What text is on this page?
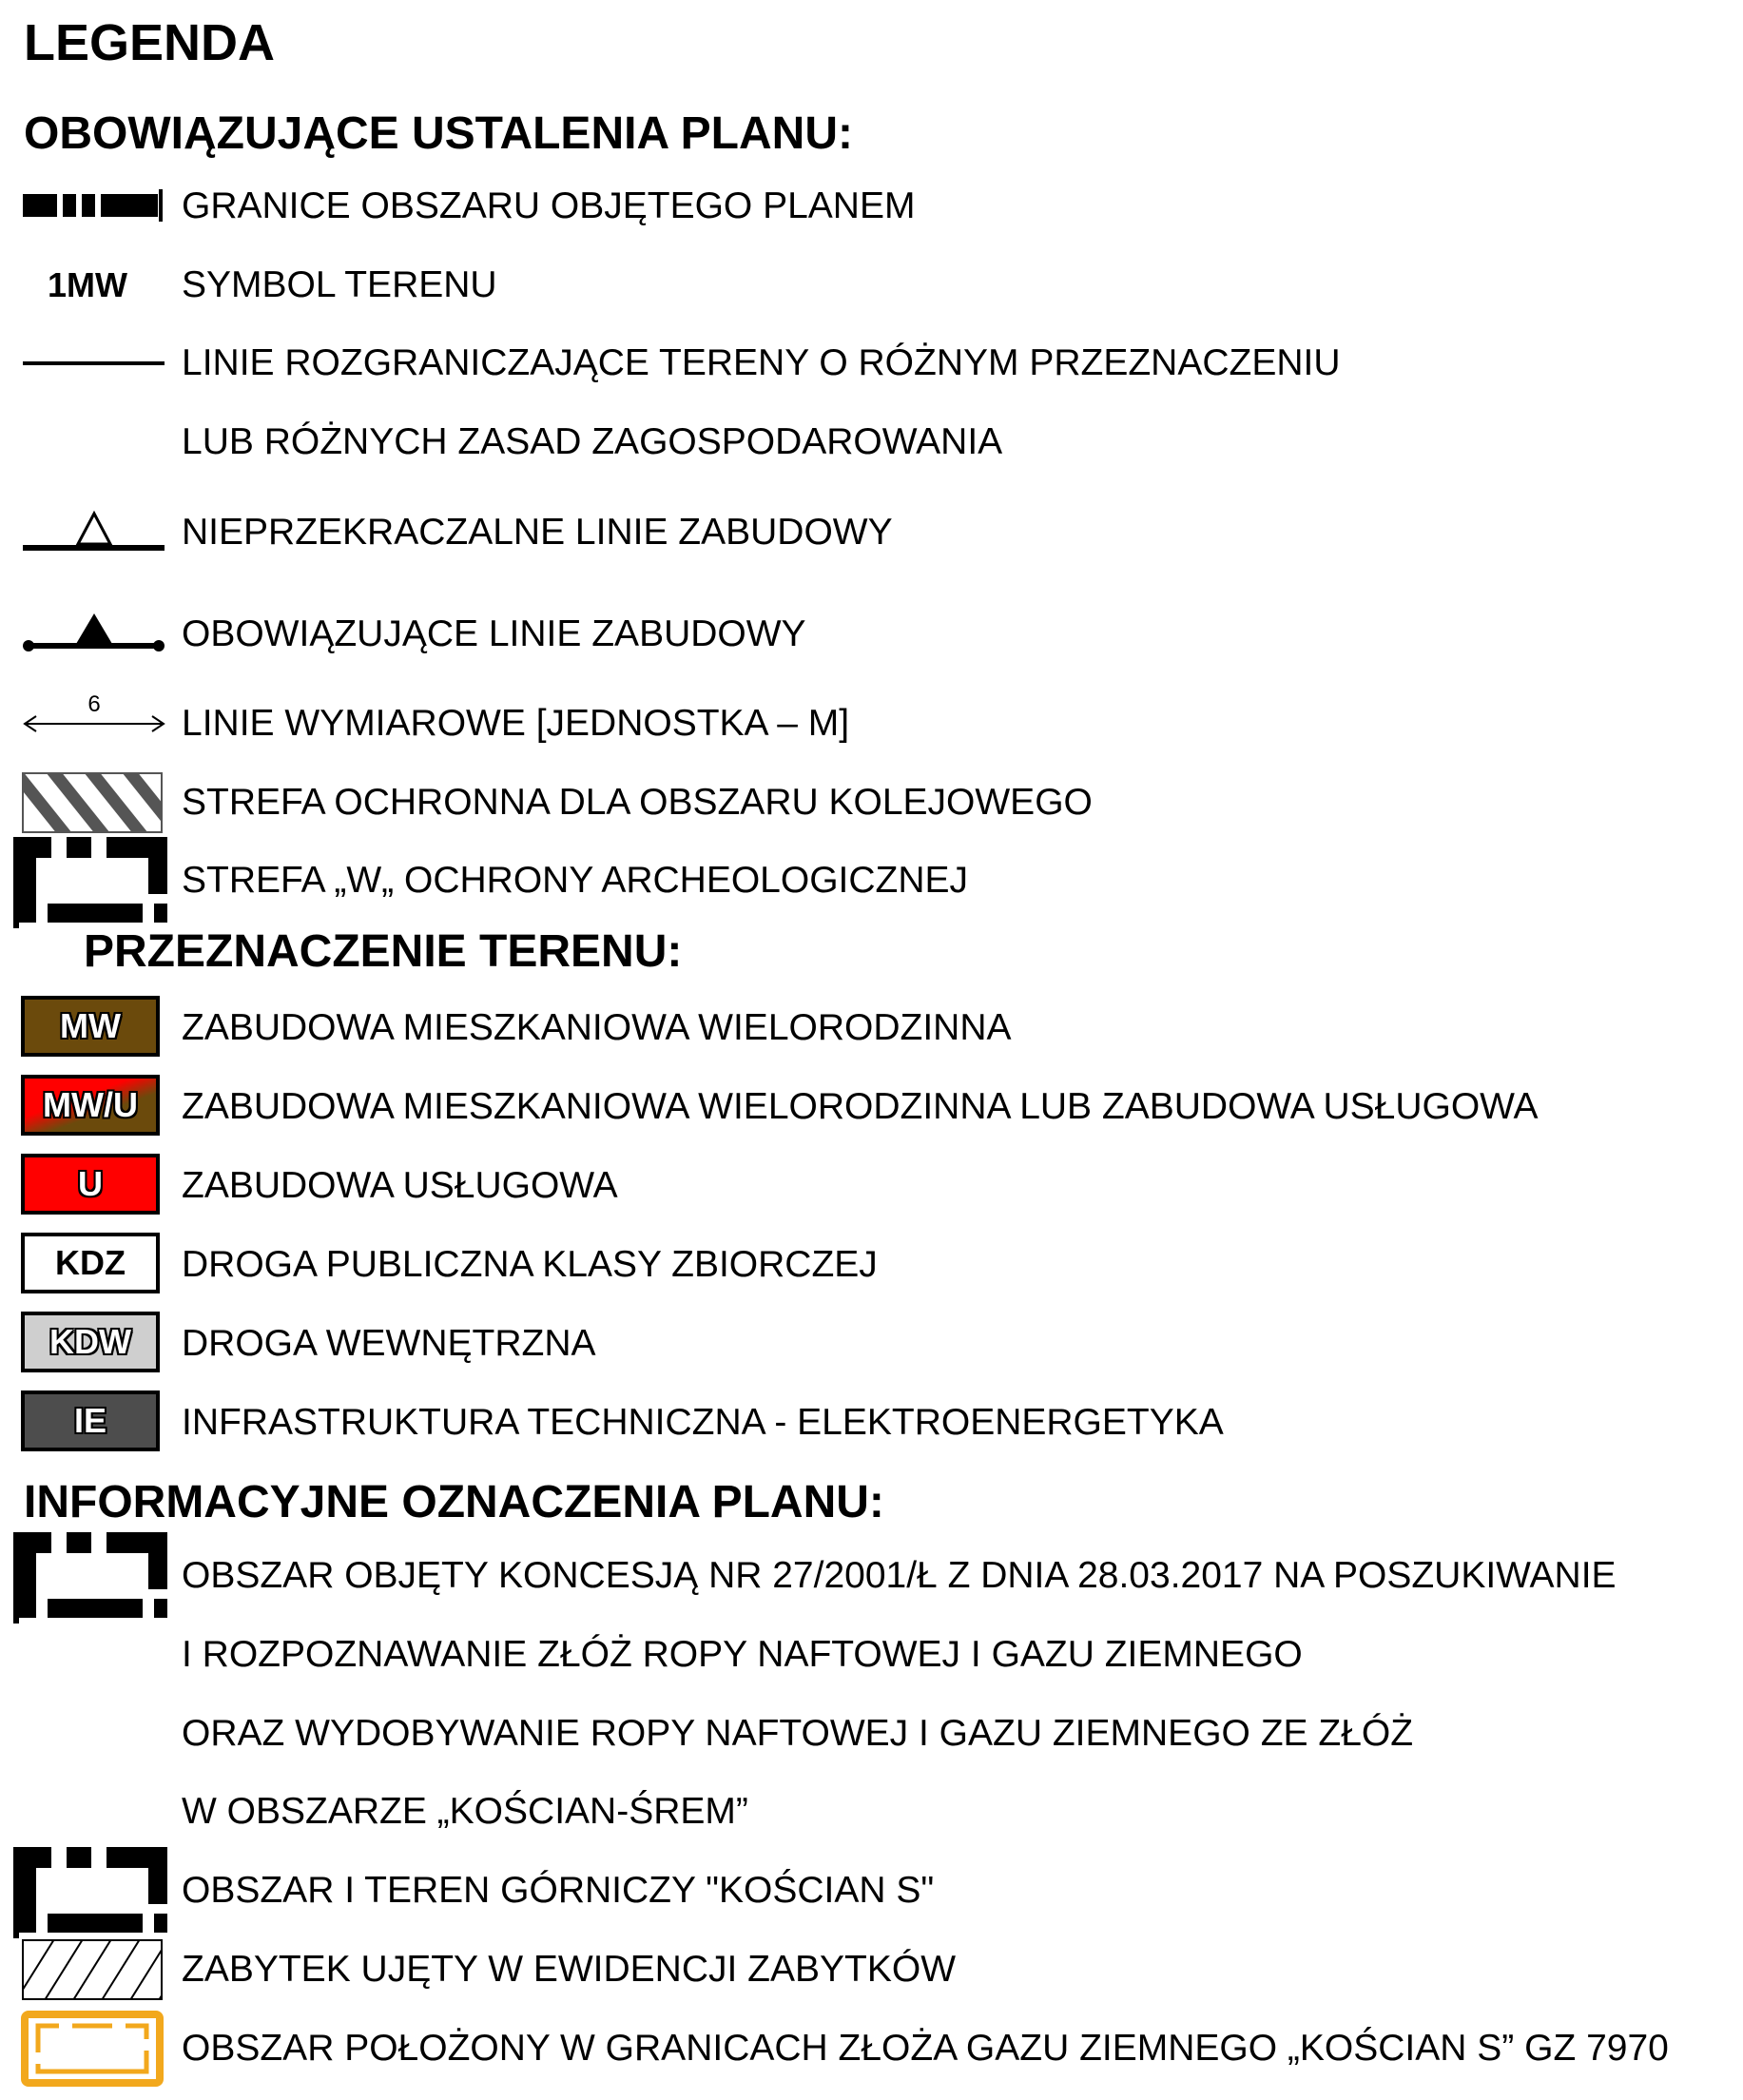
LEGENDA
OBOWIĄZUJĄCE USTALENIA PLANU:
GRANICE OBSZARU OBJĘTEGO PLANEM
1MW SYMBOL TERENU
LINIE ROZGRANICZAJĄCE TERENY O RÓŻNYM PRZEZNACZENIU
LUB RÓŻNYCH ZASAD ZAGOSPODAROWANIA
NIEPRZEKRACZALNE LINIE ZABUDOWY
OBOWIĄZUJĄCE LINIE ZABUDOWY
6 LINIE WYMIAROWE [JEDNOSTKA – M]
STREFA OCHRONNA DLA OBSZARU KOLEJOWEGO
STREFA „W„ OCHRONY ARCHEOLOGICZNEJ
PRZEZNACZENIE TERENU:
MW ZABUDOWA MIESZKANIOWA WIELORODZINNA
MW/U ZABUDOWA MIESZKANIOWA WIELORODZINNA LUB ZABUDOWA USŁUGOWA
U ZABUDOWA USŁUGOWA
KDZ DROGA PUBLICZNA KLASY ZBIORCZEJ
KDW DROGA WEWNĘTRZNA
IE INFRASTRUKTURA TECHNICZNA - ELEKTROENERGETYKA
INFORMACYJNE OZNACZENIA PLANU:
OBSZAR OBJĘTY KONCESJĄ NR 27/2001/Ł Z DNIA 28.03.2017 NA POSZUKIWANIE
I ROZPOZNAWANIE ZŁÓŻ ROPY NAFTOWEJ I GAZU ZIEMNEGO
ORAZ WYDOBYWANIE ROPY NAFTOWEJ I GAZU ZIEMNEGO ZE ZŁÓŻ
W OBSZARZE „KOŚCIAN-ŚREM”
OBSZAR I TEREN GÓRNICZY "KOŚCIAN S"
ZABYTEK UJĘTY W EWIDENCJI ZABYTKÓW
OBSZAR POŁOŻONY W GRANICACH ZŁOŻA GAZU ZIEMNEGO „KOŚCIAN S” GZ 7970
